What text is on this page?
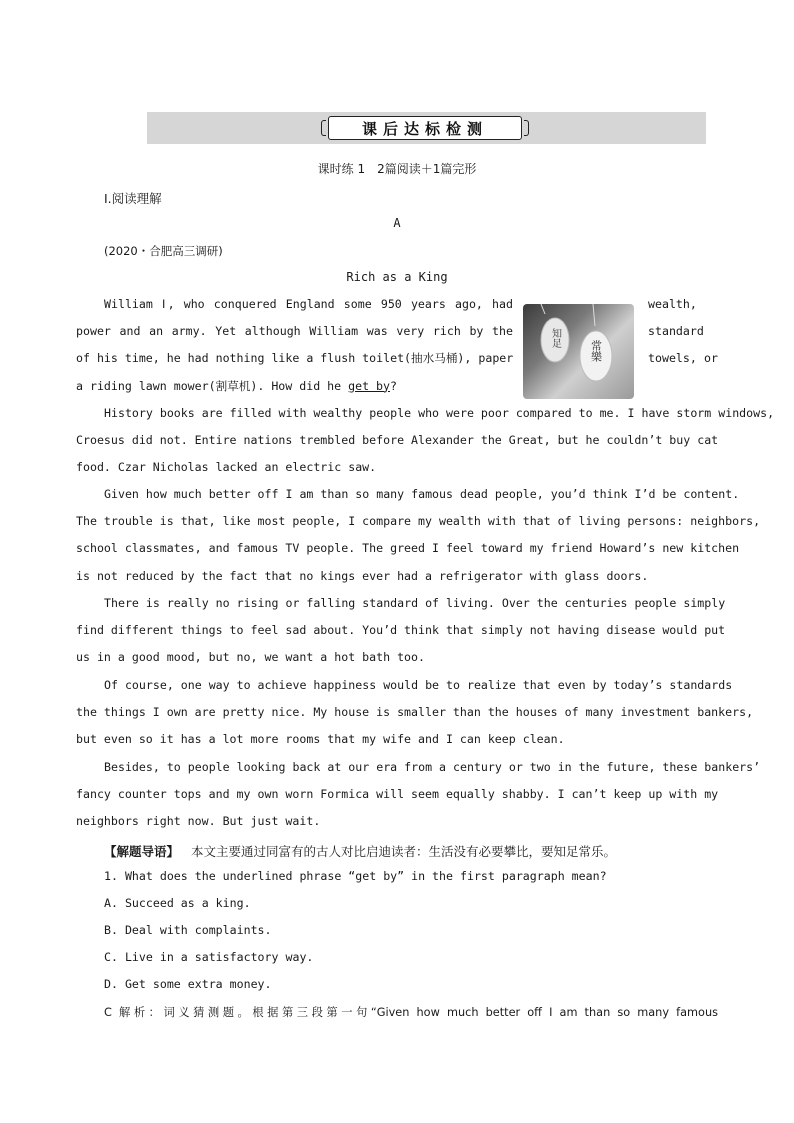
课后达标检测
课时练 1　2篇阅读＋1篇完形
Ⅰ.阅读理解
A
(2020・合肥高三调研)
Rich as a King
William Ⅰ, who conquered England some 950 years ago, had	wealth,
power and an army. Yet although William was very rich by the	standard
of his time, he had nothing like a flush toilet(抽水马桶), paper	towels, or
a riding lawn mower(割草机). How did he get by?
知足
常樂
History books are filled with wealthy people who were poor compared to me. I have storm windows,
Croesus did not. Entire nations trembled before Alexander the Great, but he couldn’t buy cat
food. Czar Nicholas lacked an electric saw.
Given how much better off I am than so many famous dead people, you’d think I’d be content.
The trouble is that, like most people, I compare my wealth with that of living persons: neighbors,
school classmates, and famous TV people. The greed I feel toward my friend Howard’s new kitchen
is not reduced by the fact that no kings ever had a refrigerator with glass doors.
There is really no rising or falling standard of living. Over the centuries people simply
find different things to feel sad about. You’d think that simply not having disease would put
us in a good mood, but no, we want a hot bath too.
Of course, one way to achieve happiness would be to realize that even by today’s standards
the things I own are pretty nice. My house is smaller than the houses of many investment bankers,
but even so it has a lot more rooms that my wife and I can keep clean.
Besides, to people looking back at our era from a century or two in the future, these bankers’
fancy counter tops and my own worn Formica will seem equally shabby. I can’t keep up with my
neighbors right now. But just wait.
【解题导语】 本文主要通过同富有的古人对比启迪读者：生活没有必要攀比，要知足常乐。
1. What does the underlined phrase “get by” in the first paragraph mean?
A. Succeed as a king.
B. Deal with complaints.
C. Live in a satisfactory way.
D. Get some extra money.
C 解析：词义猜测题。根据第三段第一句“Given how much better off I am than so many famous
